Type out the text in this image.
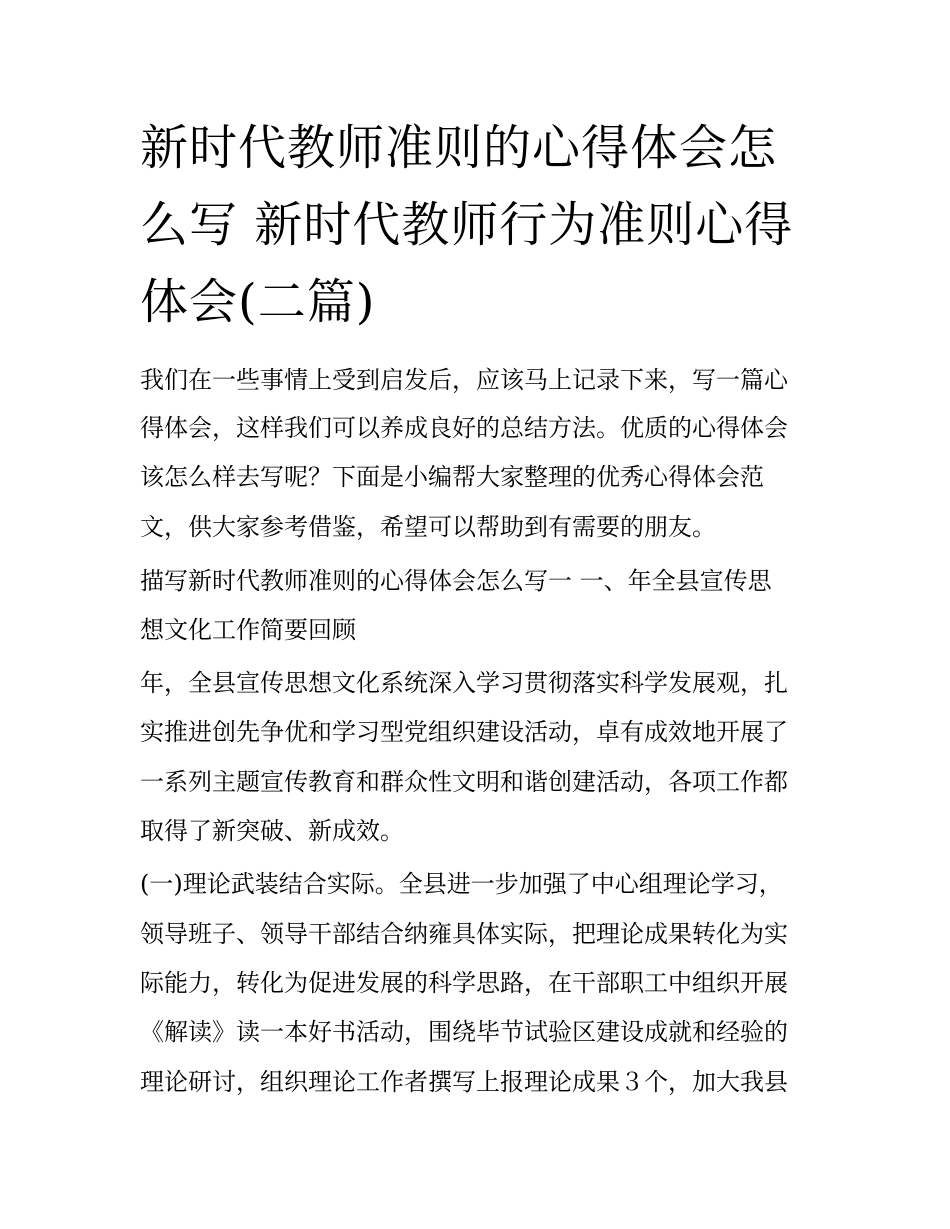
新时代教师准则的心得体会怎
么写 新时代教师行为准则心得
体会(二篇)
我们在一些事情上受到启发后，应该马上记录下来，写一篇心
得体会，这样我们可以养成良好的总结方法。优质的心得体会
该怎么样去写呢？下面是小编帮大家整理的优秀心得体会范
文，供大家参考借鉴，希望可以帮助到有需要的朋友。
描写新时代教师准则的心得体会怎么写一 一、年全县宣传思
想文化工作简要回顾
年，全县宣传思想文化系统深入学习贯彻落实科学发展观，扎
实推进创先争优和学习型党组织建设活动，卓有成效地开展了
一系列主题宣传教育和群众性文明和谐创建活动，各项工作都
取得了新突破、新成效。
(一)理论武装结合实际。全县进一步加强了中心组理论学习，
领导班子、领导干部结合纳雍具体实际，把理论成果转化为实
际能力，转化为促进发展的科学思路，在干部职工中组织开展
《解读》读一本好书活动，围绕毕节试验区建设成就和经验的
理论研讨，组织理论工作者撰写上报理论成果３个，加大我县
